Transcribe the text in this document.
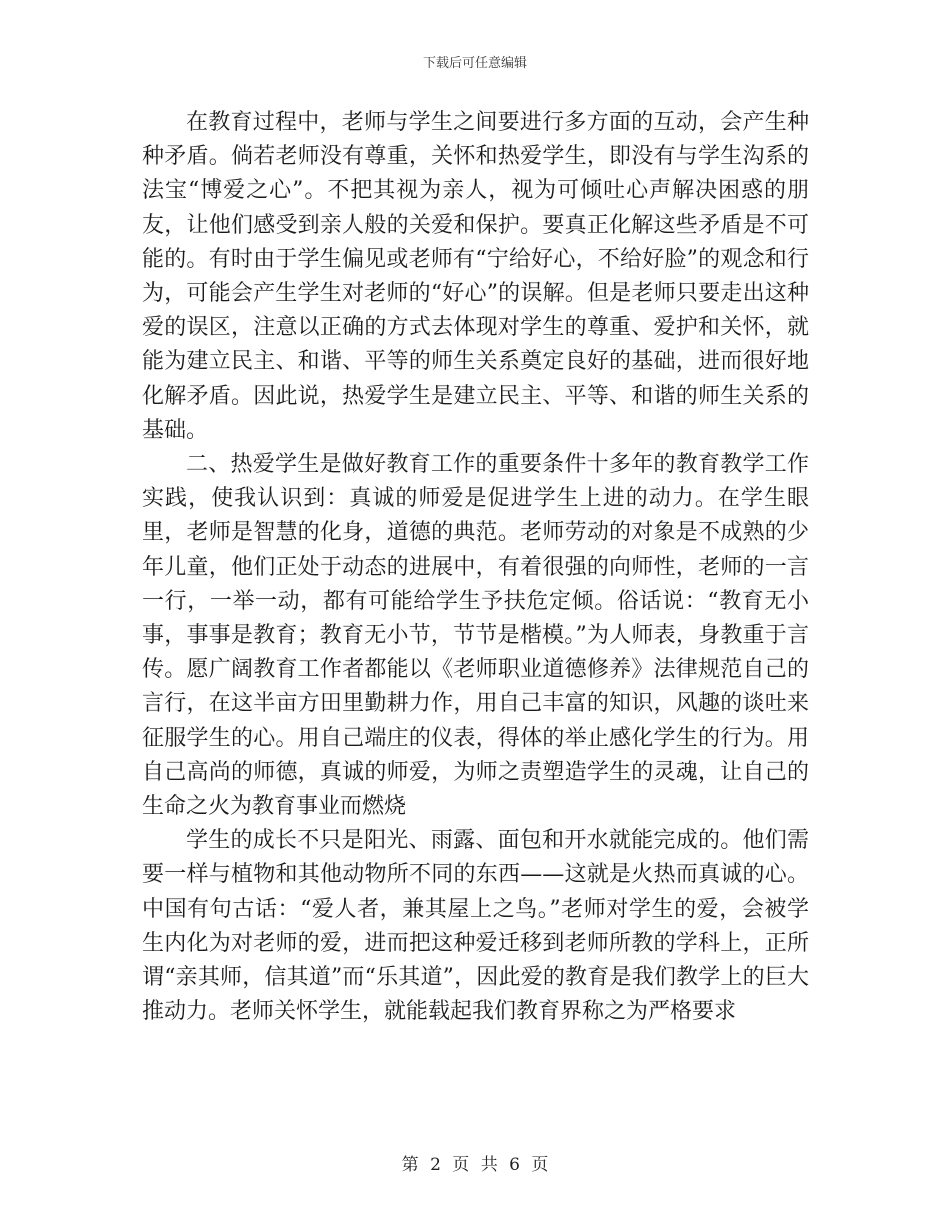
下载后可任意编辑

在教育过程中，老师与学生之间要进行多方面的互动，会产生种种矛盾。倘若老师没有尊重，关怀和热爱学生，即没有与学生沟系的法宝“博爱之心”。不把其视为亲人，视为可倾吐心声解决困惑的朋友，让他们感受到亲人般的关爱和保护。要真正化解这些矛盾是不可能的。有时由于学生偏见或老师有“宁给好心，不给好脸”的观念和行为，可能会产生学生对老师的“好心”的误解。但是老师只要走出这种爱的误区，注意以正确的方式去体现对学生的尊重、爱护和关怀，就能为建立民主、和谐、平等的师生关系奠定良好的基础，进而很好地化解矛盾。因此说，热爱学生是建立民主、平等、和谐的师生关系的基础。

二、热爱学生是做好教育工作的重要条件十多年的教育教学工作实践，使我认识到：真诚的师爱是促进学生上进的动力。在学生眼里，老师是智慧的化身，道德的典范。老师劳动的对象是不成熟的少年儿童，他们正处于动态的进展中，有着很强的向师性，老师的一言一行，一举一动，都有可能给学生予扶危定倾。俗话说：“教育无小事，事事是教育；教育无小节，节节是楷模。”为人师表，身教重于言传。愿广阔教育工作者都能以《老师职业道德修养》法律规范自己的言行，在这半亩方田里勤耕力作，用自己丰富的知识，风趣的谈吐来征服学生的心。用自己端庄的仪表，得体的举止感化学生的行为。用自己高尚的师德，真诚的师爱，为师之责塑造学生的灵魂，让自己的生命之火为教育事业而燃烧

学生的成长不只是阳光、雨露、面包和开水就能完成的。他们需要一样与植物和其他动物所不同的东西——这就是火热而真诚的心。中国有句古话：“爱人者，兼其屋上之鸟。”老师对学生的爱，会被学生内化为对老师的爱，进而把这种爱迁移到老师所教的学科上，正所谓“亲其师，信其道”而“乐其道”，因此爱的教育是我们教学上的巨大推动力。老师关怀学生，就能载起我们教育界称之为严格要求

第 2 页 共 6 页
